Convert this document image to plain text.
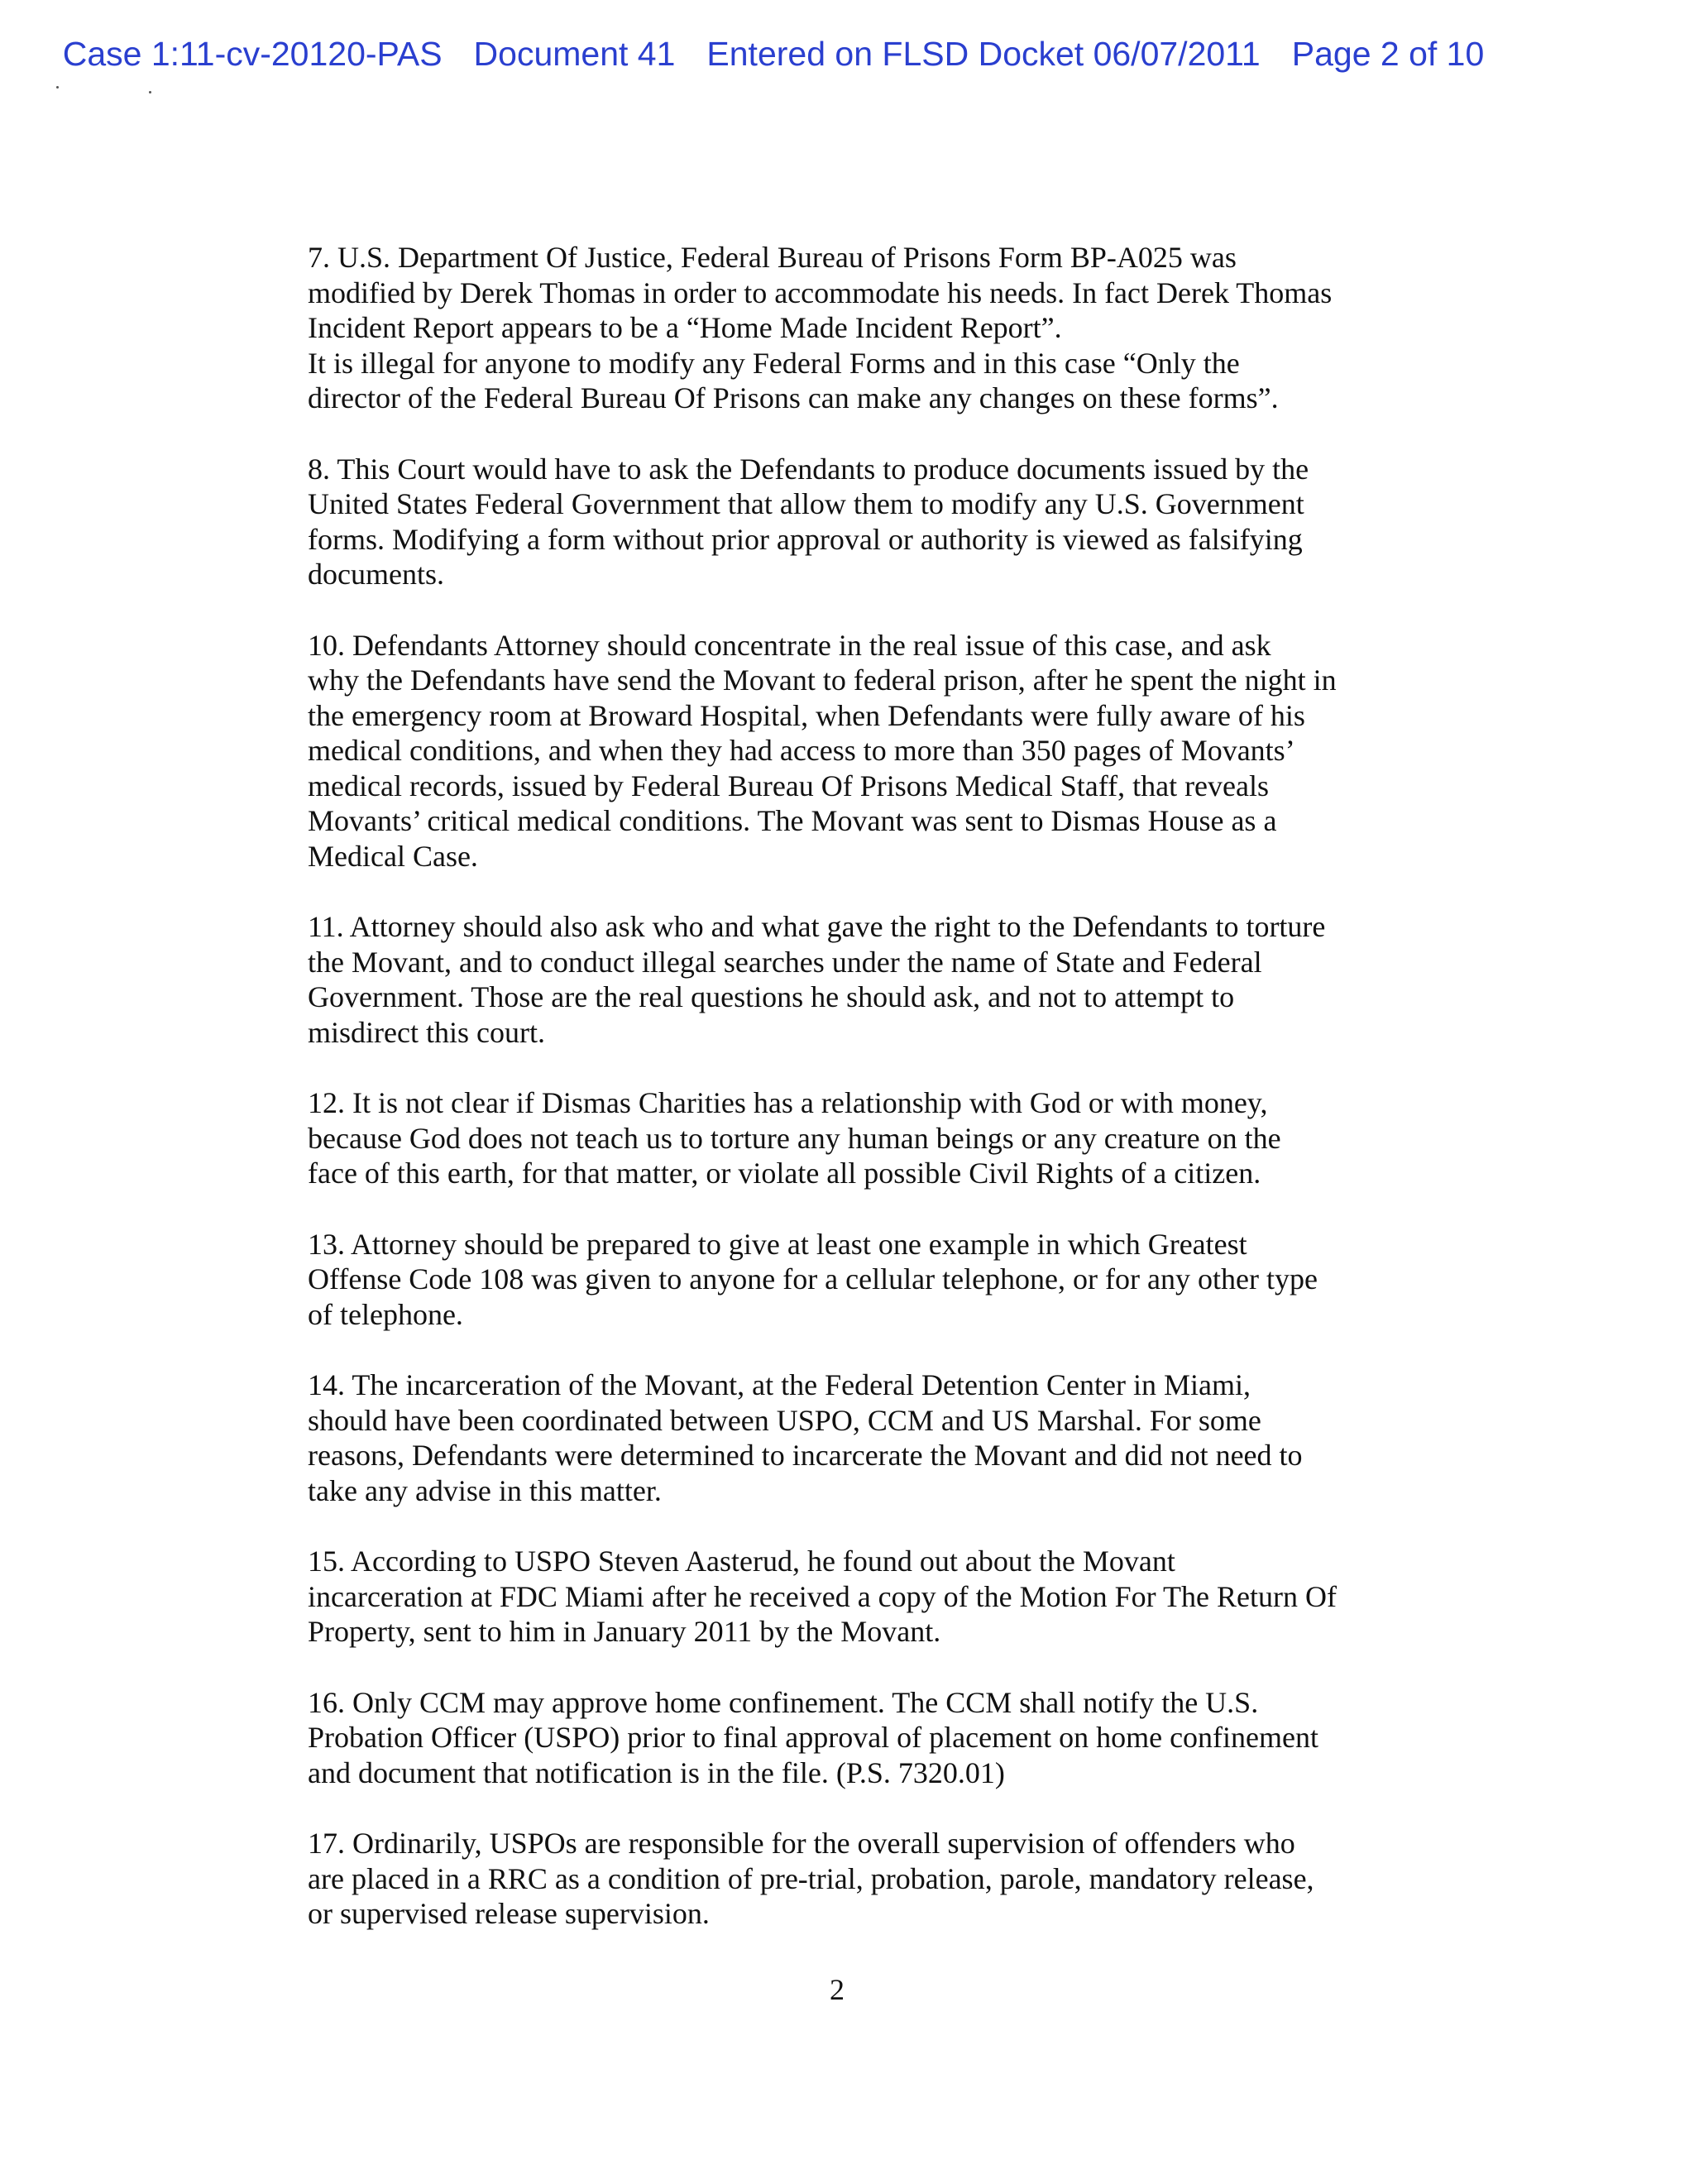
Case 1:11-cv-20120-PAS Document 41 Entered on FLSD Docket 06/07/2011 Page 2 of 10

7. U.S. Department Of Justice, Federal Bureau of Prisons Form BP-A025 was
modified by Derek Thomas in order to accommodate his needs. In fact Derek Thomas
Incident Report appears to be a “Home Made Incident Report”.
It is illegal for anyone to modify any Federal Forms and in this case “Only the
director of the Federal Bureau Of Prisons can make any changes on these forms”.

8. This Court would have to ask the Defendants to produce documents issued by the
United States Federal Government that allow them to modify any U.S. Government
forms. Modifying a form without prior approval or authority is viewed as falsifying
documents.

10. Defendants Attorney should concentrate in the real issue of this case, and ask
why the Defendants have send the Movant to federal prison, after he spent the night in
the emergency room at Broward Hospital, when Defendants were fully aware of his
medical conditions, and when they had access to more than 350 pages of Movants’
medical records, issued by Federal Bureau Of Prisons Medical Staff, that reveals
Movants’ critical medical conditions. The Movant was sent to Dismas House as a
Medical Case.

11. Attorney should also ask who and what gave the right to the Defendants to torture
the Movant, and to conduct illegal searches under the name of State and Federal
Government. Those are the real questions he should ask, and not to attempt to
misdirect this court.

12. It is not clear if Dismas Charities has a relationship with God or with money,
because God does not teach us to torture any human beings or any creature on the
face of this earth, for that matter, or violate all possible Civil Rights of a citizen.

13. Attorney should be prepared to give at least one example in which Greatest
Offense Code 108 was given to anyone for a cellular telephone, or for any other type
of telephone.

14. The incarceration of the Movant, at the Federal Detention Center in Miami,
should have been coordinated between USPO, CCM and US Marshal. For some
reasons, Defendants were determined to incarcerate the Movant and did not need to
take any advise in this matter.

15. According to USPO Steven Aasterud, he found out about the Movant
incarceration at FDC Miami after he received a copy of the Motion For The Return Of
Property, sent to him in January 2011 by the Movant.

16. Only CCM may approve home confinement. The CCM shall notify the U.S.
Probation Officer (USPO) prior to final approval of placement on home confinement
and document that notification is in the file. (P.S. 7320.01)

17. Ordinarily, USPOs are responsible for the overall supervision of offenders who
are placed in a RRC as a condition of pre-trial, probation, parole, mandatory release,
or supervised release supervision.

2
